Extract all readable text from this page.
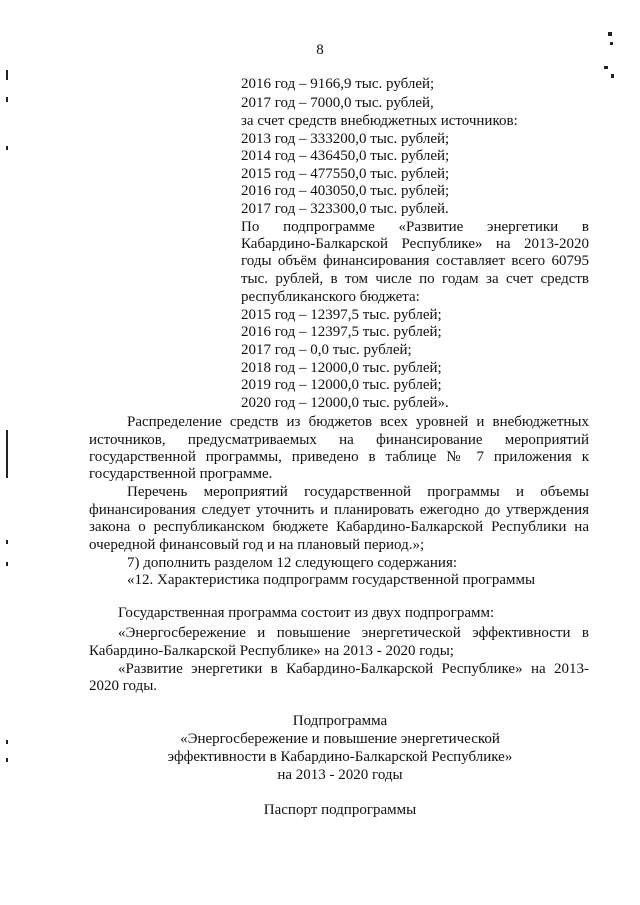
8
2016 год – 9166,9 тыс. рублей;
2017 год – 7000,0 тыс. рублей,
за счет средств внебюджетных источников:
2013 год – 333200,0 тыс. рублей;
2014 год – 436450,0 тыс. рублей;
2015 год – 477550,0 тыс. рублей;
2016 год – 403050,0 тыс. рублей;
2017 год – 323300,0 тыс. рублей.
По подпрограмме «Развитие энергетики в
Кабардино-Балкарской Республике» на 2013-2020
годы объём финансирования составляет всего 60795
тыс. рублей, в том числе по годам за счет средств
республиканского бюджета:
2015 год – 12397,5 тыс. рублей;
2016 год – 12397,5 тыс. рублей;
2017 год – 0,0 тыс. рублей;
2018 год – 12000,0 тыс. рублей;
2019 год – 12000,0 тыс. рублей;
2020 год – 12000,0 тыс. рублей».
Распределение средств из бюджетов всех уровней и внебюджетных
источников, предусматриваемых на финансирование мероприятий
государственной программы, приведено в таблице № 7 приложения к
государственной программе.
Перечень мероприятий государственной программы и объемы
финансирования следует уточнить и планировать ежегодно до утверждения
закона о республиканском бюджете Кабардино-Балкарской Республики на
очередной финансовый год и на плановый период.»;
7) дополнить разделом 12 следующего содержания:
«12. Характеристика подпрограмм государственной программы
Государственная программа состоит из двух подпрограмм:
«Энергосбережение и повышение энергетической эффективности в
Кабардино-Балкарской Республике» на 2013 - 2020 годы;
«Развитие энергетики в Кабардино-Балкарской Республике» на 2013-
2020 годы.
Подпрограмма
«Энергосбережение и повышение энергетической
эффективности в Кабардино-Балкарской Республике»
на 2013 - 2020 годы
Паспорт подпрограммы
